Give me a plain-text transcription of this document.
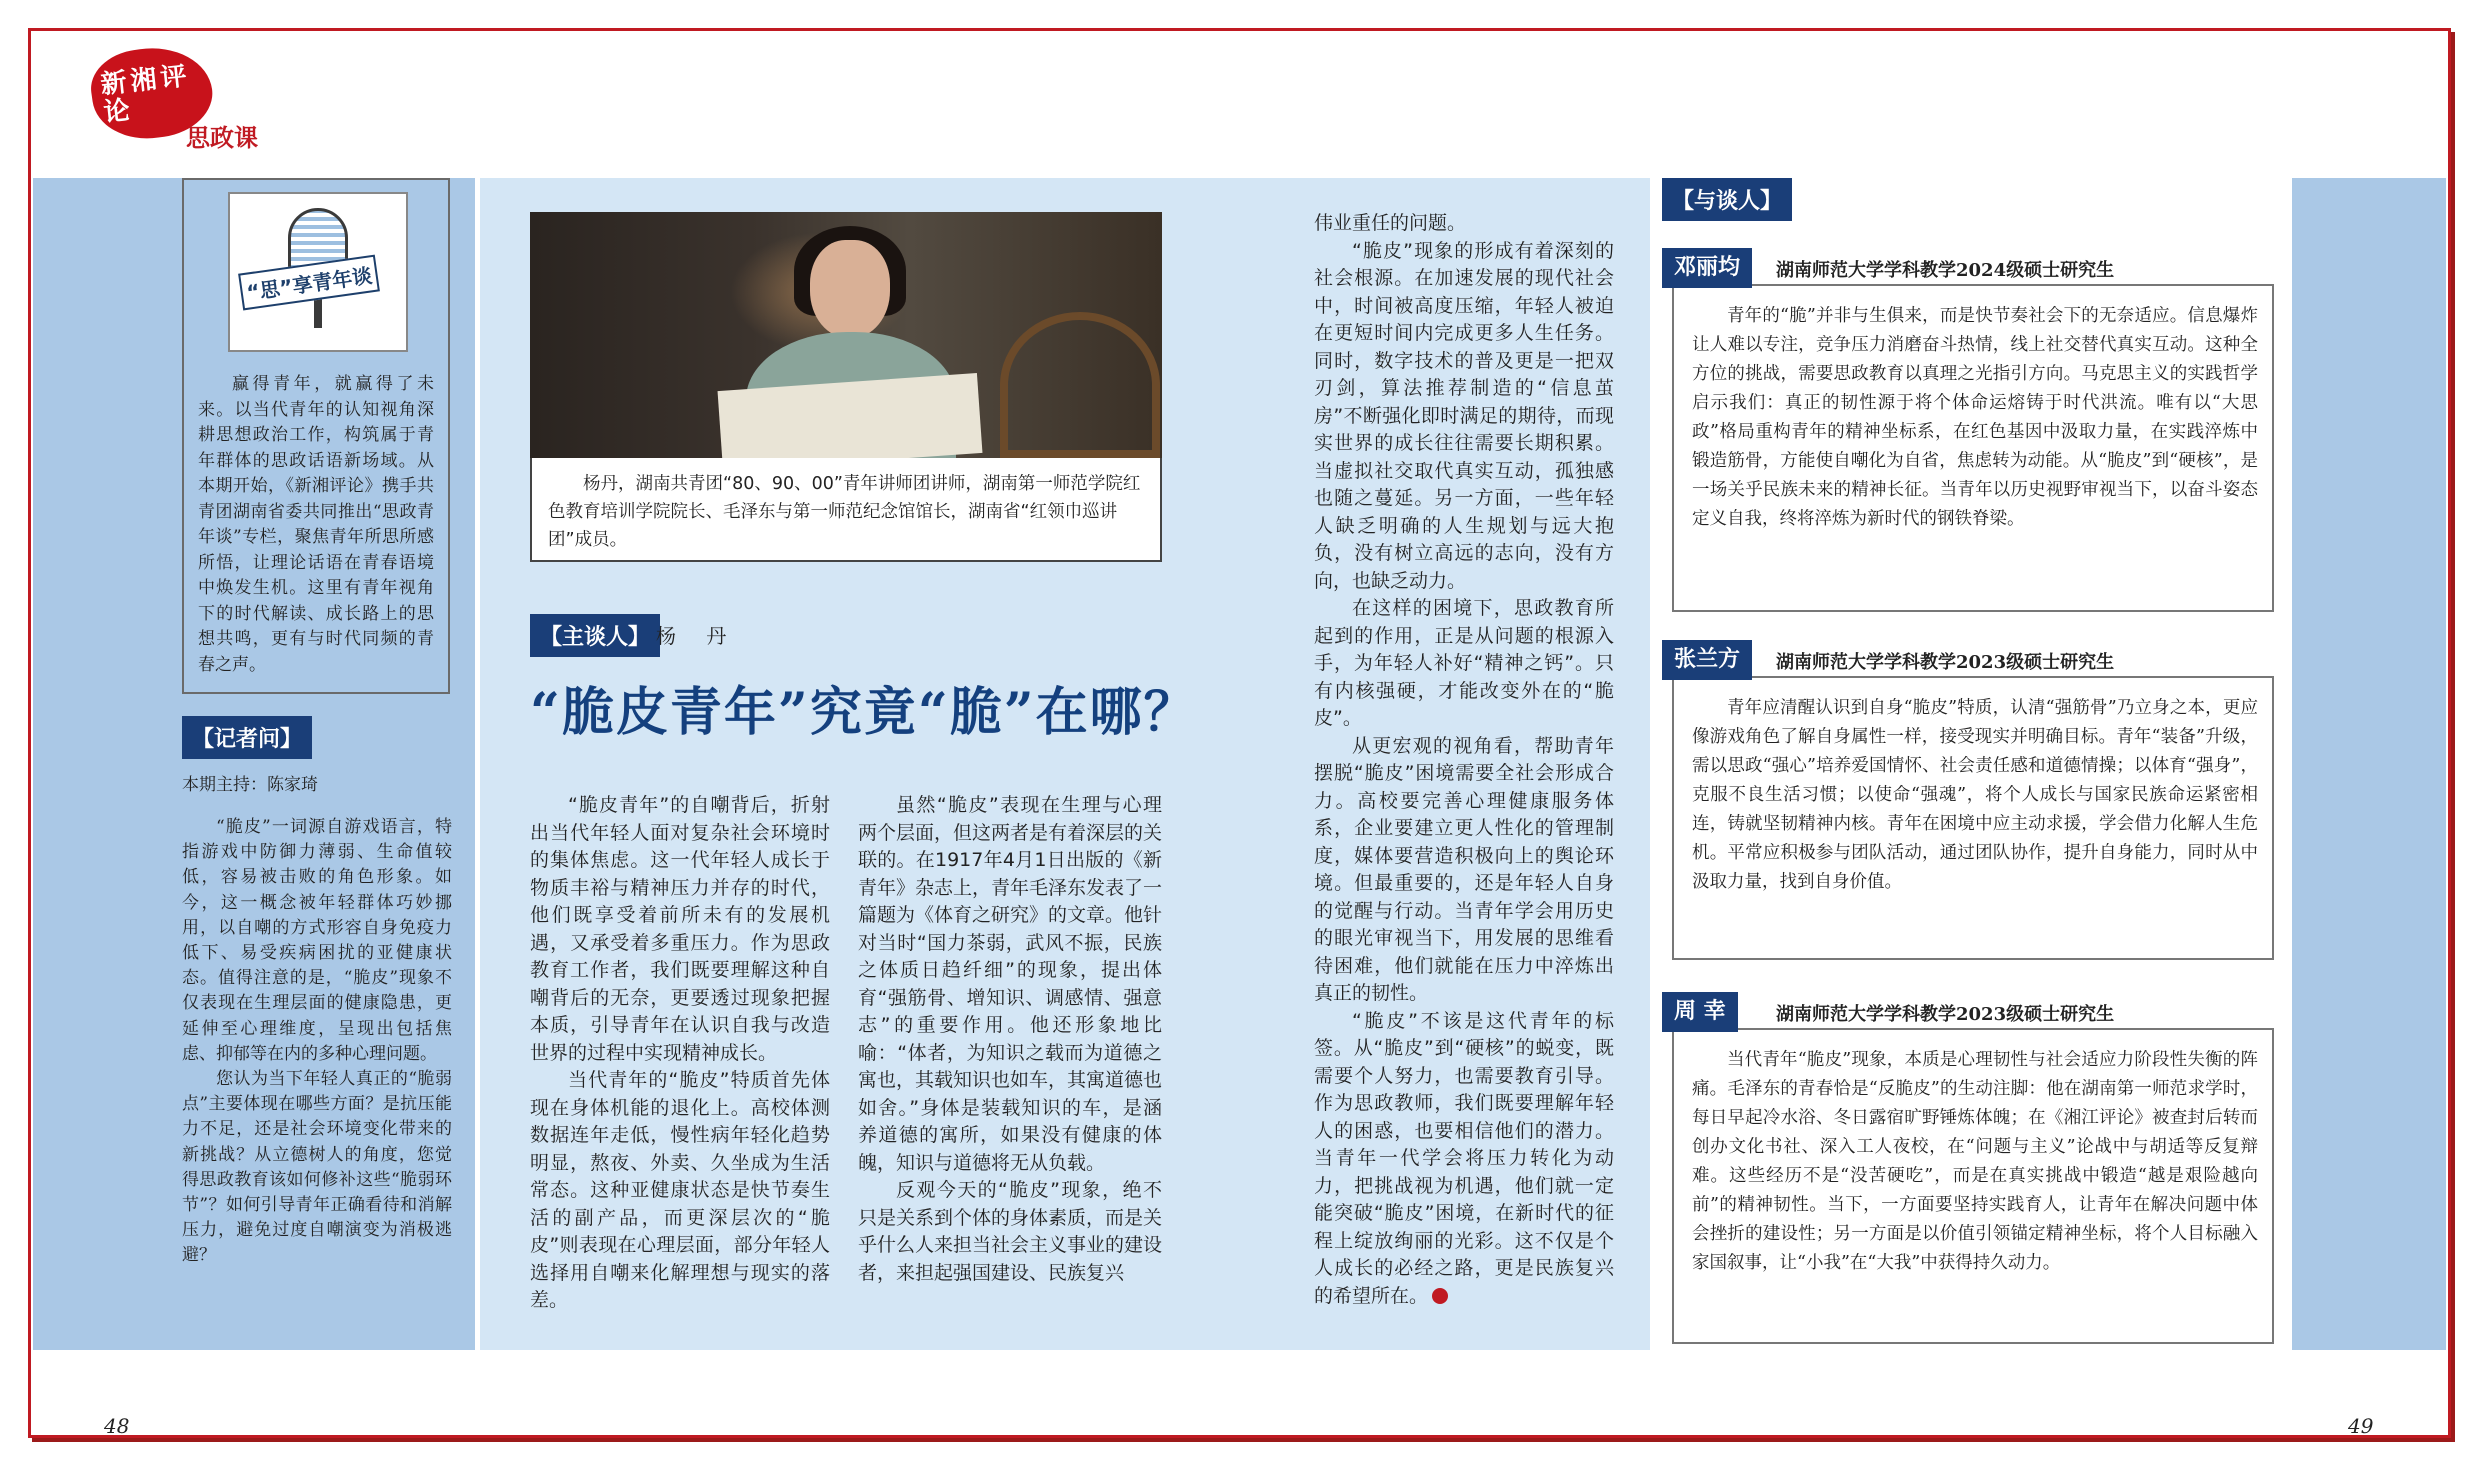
新湘评论
思政课
“思”享青年谈
赢得青年，就赢得了未来。以当代青年的认知视角深耕思想政治工作，构筑属于青年群体的思政话语新场域。从本期开始，《新湘评论》携手共青团湖南省委共同推出“思政青年谈”专栏，聚焦青年所思所感所悟，让理论话语在青春语境中焕发生机。这里有青年视角下的时代解读、成长路上的思想共鸣，更有与时代同频的青春之声。
【记者问】
本期主持：陈家琦

“脆皮”一词源自游戏语言，特指游戏中防御力薄弱、生命值较低，容易被击败的角色形象。如今，这一概念被年轻群体巧妙挪用，以自嘲的方式形容自身免疫力低下、易受疾病困扰的亚健康状态。值得注意的是，“脆皮”现象不仅表现在生理层面的健康隐患，更延伸至心理维度，呈现出包括焦虑、抑郁等在内的多种心理问题。

您认为当下年轻人真正的“脆弱点”主要体现在哪些方面？是抗压能力不足，还是社会环境变化带来的新挑战？从立德树人的角度，您觉得思政教育该如何修补这些“脆弱环节”？如何引导青年正确看待和消解压力，避免过度自嘲演变为消极逃避？

杨丹，湖南共青团“80、90、00”青年讲师团讲师，湖南第一师范学院红色教育培训学院院长、毛泽东与第一师范纪念馆馆长，湖南省“红领巾巡讲团”成员。
【主谈人】 杨 丹
“脆皮青年”究竟“脆”在哪？

“脆皮青年”的自嘲背后，折射出当代年轻人面对复杂社会环境时的集体焦虑。这一代年轻人成长于物质丰裕与精神压力并存的时代，他们既享受着前所未有的发展机遇，又承受着多重压力。作为思政教育工作者，我们既要理解这种自嘲背后的无奈，更要透过现象把握本质，引导青年在认识自我与改造世界的过程中实现精神成长。

当代青年的“脆皮”特质首先体现在身体机能的退化上。高校体测数据连年走低，慢性病年轻化趋势明显，熬夜、外卖、久坐成为生活常态。这种亚健康状态是快节奏生活的副产品，而更深层次的“脆皮”则表现在心理层面，部分年轻人选择用自嘲来化解理想与现实的落差。

虽然“脆皮”表现在生理与心理两个层面，但这两者是有着深层的关联的。在1917年4月1日出版的《新青年》杂志上，青年毛泽东发表了一篇题为《体育之研究》的文章。他针对当时“国力茶弱，武风不振，民族之体质日趋纤细”的现象，提出体育“强筋骨、增知识、调感情、强意志”的重要作用。他还形象地比喻：“体者，为知识之载而为道德之寓也，其载知识也如车，其寓道德也如舍。”身体是装载知识的车，是涵养道德的寓所，如果没有健康的体魄，知识与道德将无从负载。

反观今天的“脆皮”现象，绝不只是关系到个体的身体素质，而是关乎什么人来担当社会主义事业的建设者，来担起强国建设、民族复兴

伟业重任的问题。

“脆皮”现象的形成有着深刻的社会根源。在加速发展的现代社会中，时间被高度压缩，年轻人被迫在更短时间内完成更多人生任务。同时，数字技术的普及更是一把双刃剑，算法推荐制造的“信息茧房”不断强化即时满足的期待，而现实世界的成长往往需要长期积累。当虚拟社交取代真实互动，孤独感也随之蔓延。另一方面，一些年轻人缺乏明确的人生规划与远大抱负，没有树立高远的志向，没有方向，也缺乏动力。

在这样的困境下，思政教育所起到的作用，正是从问题的根源入手，为年轻人补好“精神之钙”。只有内核强硬，才能改变外在的“脆皮”。

从更宏观的视角看，帮助青年摆脱“脆皮”困境需要全社会形成合力。高校要完善心理健康服务体系，企业要建立更人性化的管理制度，媒体要营造积极向上的舆论环境。但最重要的，还是年轻人自身的觉醒与行动。当青年学会用历史的眼光审视当下，用发展的思维看待困难，他们就能在压力中淬炼出真正的韧性。

“脆皮”不该是这代青年的标签。从“脆皮”到“硬核”的蜕变，既需要个人努力，也需要教育引导。作为思政教师，我们既要理解年轻人的困惑，也要相信他们的潜力。当青年一代学会将压力转化为动力，把挑战视为机遇，他们就一定能突破“脆皮”困境，在新时代的征程上绽放绚丽的光彩。这不仅是个人成长的必经之路，更是民族复兴的希望所在。

【与谈人】
邓丽均	湖南师范大学学科教学2024级硕士研究生

青年的“脆”并非与生俱来，而是快节奏社会下的无奈适应。信息爆炸让人难以专注，竞争压力消磨奋斗热情，线上社交替代真实互动。这种全方位的挑战，需要思政教育以真理之光指引方向。马克思主义的实践哲学启示我们：真正的韧性源于将个体命运熔铸于时代洪流。唯有以“大思政”格局重构青年的精神坐标系，在红色基因中汲取力量，在实践淬炼中锻造筋骨，方能使自嘲化为自省，焦虑转为动能。从“脆皮”到“硬核”，是一场关乎民族未来的精神长征。当青年以历史视野审视当下，以奋斗姿态定义自我，终将淬炼为新时代的钢铁脊梁。

张兰方	湖南师范大学学科教学2023级硕士研究生

青年应清醒认识到自身“脆皮”特质，认清“强筋骨”乃立身之本，更应像游戏角色了解自身属性一样，接受现实并明确目标。青年“装备”升级，需以思政“强心”培养爱国情怀、社会责任感和道德情操；以体育“强身”，克服不良生活习惯；以使命“强魂”，将个人成长与国家民族命运紧密相连，铸就坚韧精神内核。青年在困境中应主动求援，学会借力化解人生危机。平常应积极参与团队活动，通过团队协作，提升自身能力，同时从中汲取力量，找到自身价值。

周 幸	湖南师范大学学科教学2023级硕士研究生

当代青年“脆皮”现象，本质是心理韧性与社会适应力阶段性失衡的阵痛。毛泽东的青春恰是“反脆皮”的生动注脚：他在湖南第一师范求学时，每日早起冷水浴、冬日露宿旷野锤炼体魄；在《湘江评论》被查封后转而创办文化书社、深入工人夜校，在“问题与主义”论战中与胡适等反复辩难。这些经历不是“没苦硬吃”，而是在真实挑战中锻造“越是艰险越向前”的精神韧性。当下，一方面要坚持实践育人，让青年在解决问题中体会挫折的建设性；另一方面是以价值引领锚定精神坐标，将个人目标融入家国叙事，让“小我”在“大我”中获得持久动力。

48	49
